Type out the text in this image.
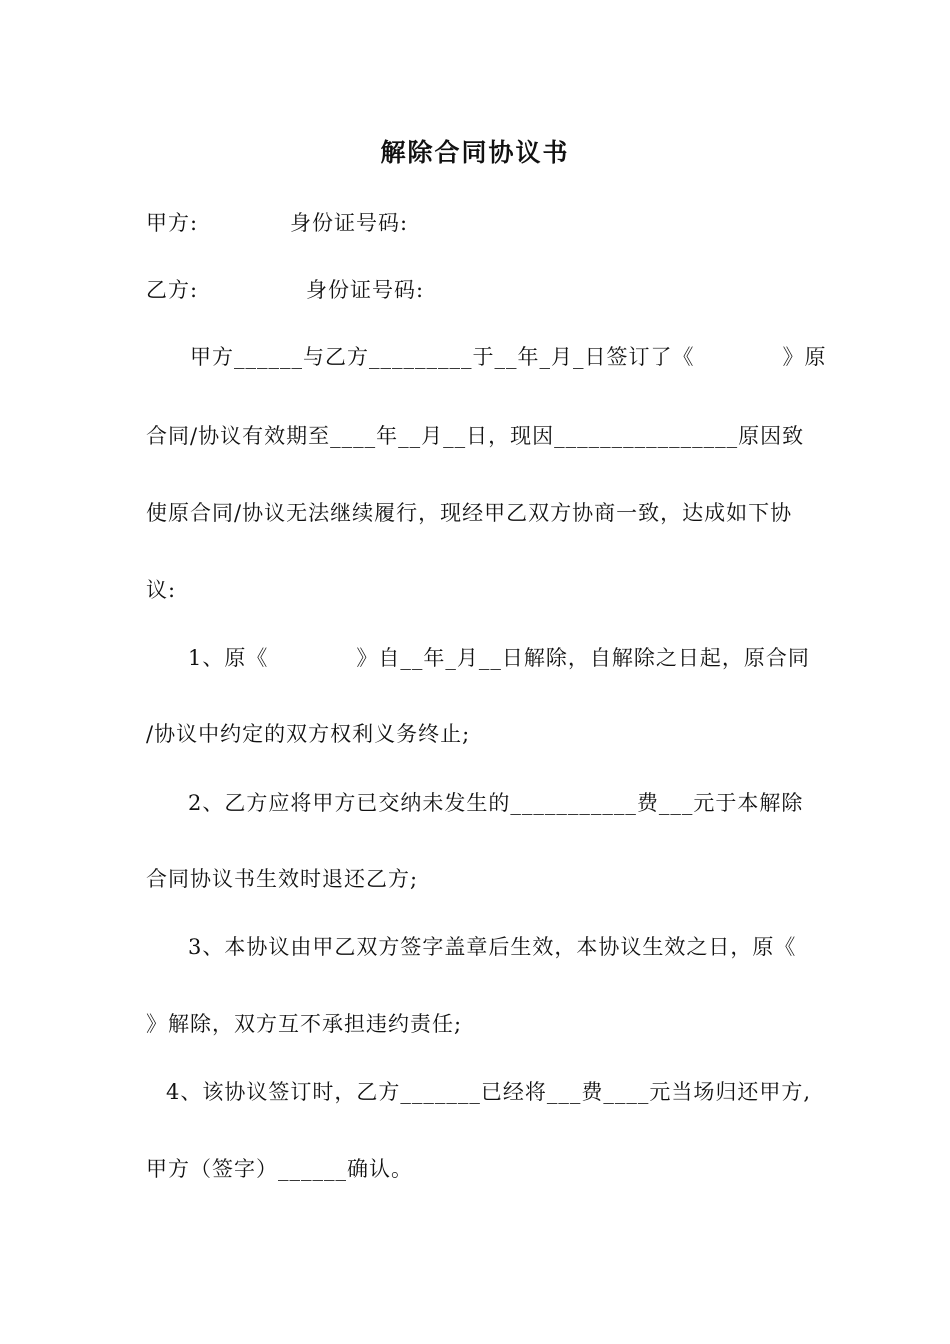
解除合同协议书
甲方:	身份证号码:
乙方:	身份证号码:
甲方______与乙方_________于__年_月_日签订了《　　　　》原
合同/协议有效期至____年__月__日，现因________________原因致
使原合同/协议无法继续履行，现经甲乙双方协商一致，达成如下协
议:
1、原《　　　　》自__年_月__日解除，自解除之日起，原合同
/协议中约定的双方权利义务终止;
2、乙方应将甲方已交纳未发生的___________费___元于本解除
合同协议书生效时退还乙方;
3、本协议由甲乙双方签字盖章后生效，本协议生效之日，原《
》解除，双方互不承担违约责任;
4、该协议签订时，乙方_______已经将___费____元当场归还甲方,
甲方（签字）______确认。
